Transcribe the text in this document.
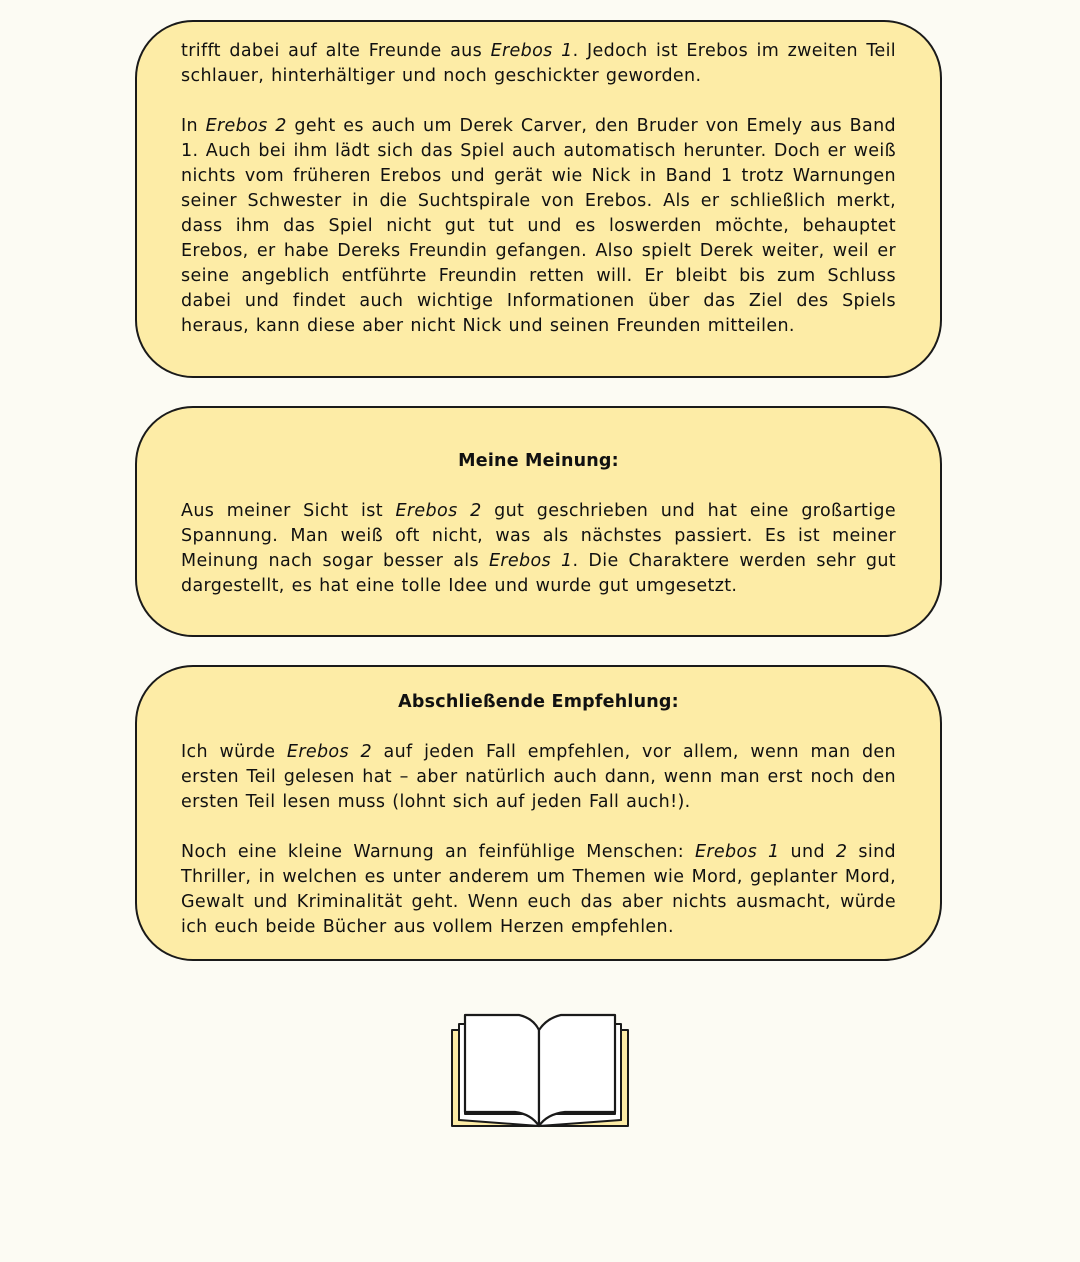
trifft dabei auf alte Freunde aus Erebos 1. Jedoch ist Erebos im zweiten Teil schlauer, hinterhältiger und noch geschickter geworden.

In Erebos 2 geht es auch um Derek Carver, den Bruder von Emely aus Band 1. Auch bei ihm lädt sich das Spiel auch automatisch herunter. Doch er weiß nichts vom früheren Erebos und gerät wie Nick in Band 1 trotz Warnungen seiner Schwester in die Suchtspirale von Erebos. Als er schließlich merkt, dass ihm das Spiel nicht gut tut und es loswerden möchte, behauptet Erebos, er habe Dereks Freundin gefangen. Also spielt Derek weiter, weil er seine angeblich entführte Freundin retten will. Er bleibt bis zum Schluss dabei und findet auch wichtige Informationen über das Ziel des Spiels heraus, kann diese aber nicht Nick und seinen Freunden mitteilen.

Meine Meinung:

Aus meiner Sicht ist Erebos 2 gut geschrieben und hat eine großartige Spannung. Man weiß oft nicht, was als nächstes passiert. Es ist meiner Meinung nach sogar besser als Erebos 1. Die Charaktere werden sehr gut dargestellt, es hat eine tolle Idee und wurde gut umgesetzt.

Abschließende Empfehlung:

Ich würde Erebos 2 auf jeden Fall empfehlen, vor allem, wenn man den ersten Teil gelesen hat – aber natürlich auch dann, wenn man erst noch den ersten Teil lesen muss (lohnt sich auf jeden Fall auch!).

Noch eine kleine Warnung an feinfühlige Menschen: Erebos 1 und 2 sind Thriller, in welchen es unter anderem um Themen wie Mord, geplanter Mord, Gewalt und Kriminalität geht. Wenn euch das aber nichts ausmacht, würde ich euch beide Bücher aus vollem Herzen empfehlen.
